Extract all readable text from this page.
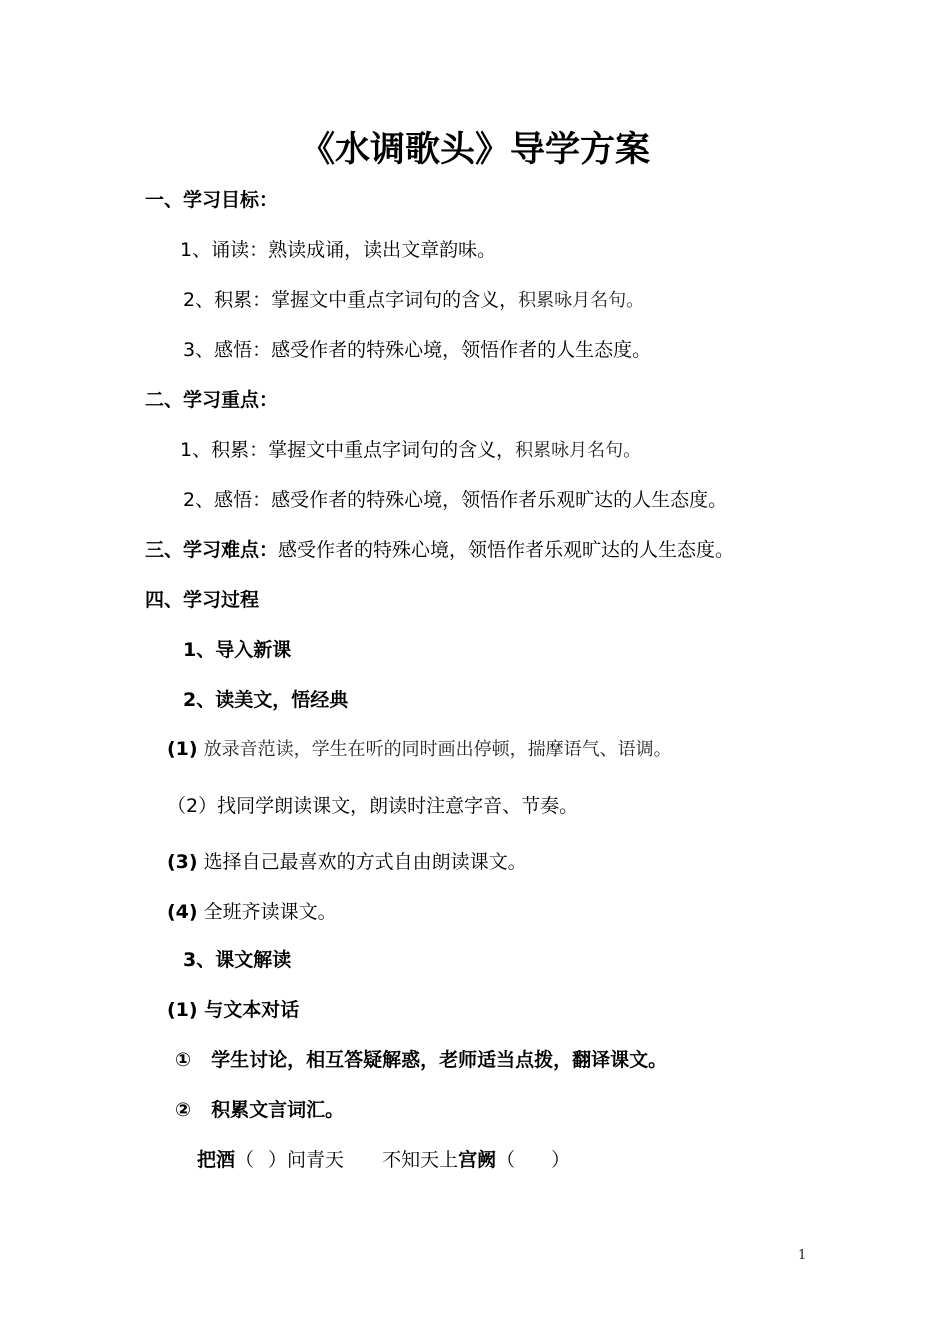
《水调歌头》导学方案
一、学习目标：
1、诵读：熟读成诵，读出文章韵味。
2、积累：掌握文中重点字词句的含义，积累咏月名句。
3、感悟：感受作者的特殊心境，领悟作者的人生态度。
二、学习重点：
1、积累：掌握文中重点字词句的含义，积累咏月名句。
2、感悟：感受作者的特殊心境，领悟作者乐观旷达的人生态度。
三、学习难点：感受作者的特殊心境，领悟作者乐观旷达的人生态度。
四、学习过程
1、导入新课
2、读美文，悟经典
(1) 放录音范读，学生在听的同时画出停顿，揣摩语气、语调。
（2）找同学朗读课文，朗读时注意字音、节奏。
(3) 选择自己最喜欢的方式自由朗读课文。
(4) 全班齐读课文。
3、课文解读
(1) 与文本对话
① 学生讨论，相互答疑解惑，老师适当点拨，翻译课文。
② 积累文言词汇。
把酒（ ）问青天 不知天上宫阙（ ）
1
